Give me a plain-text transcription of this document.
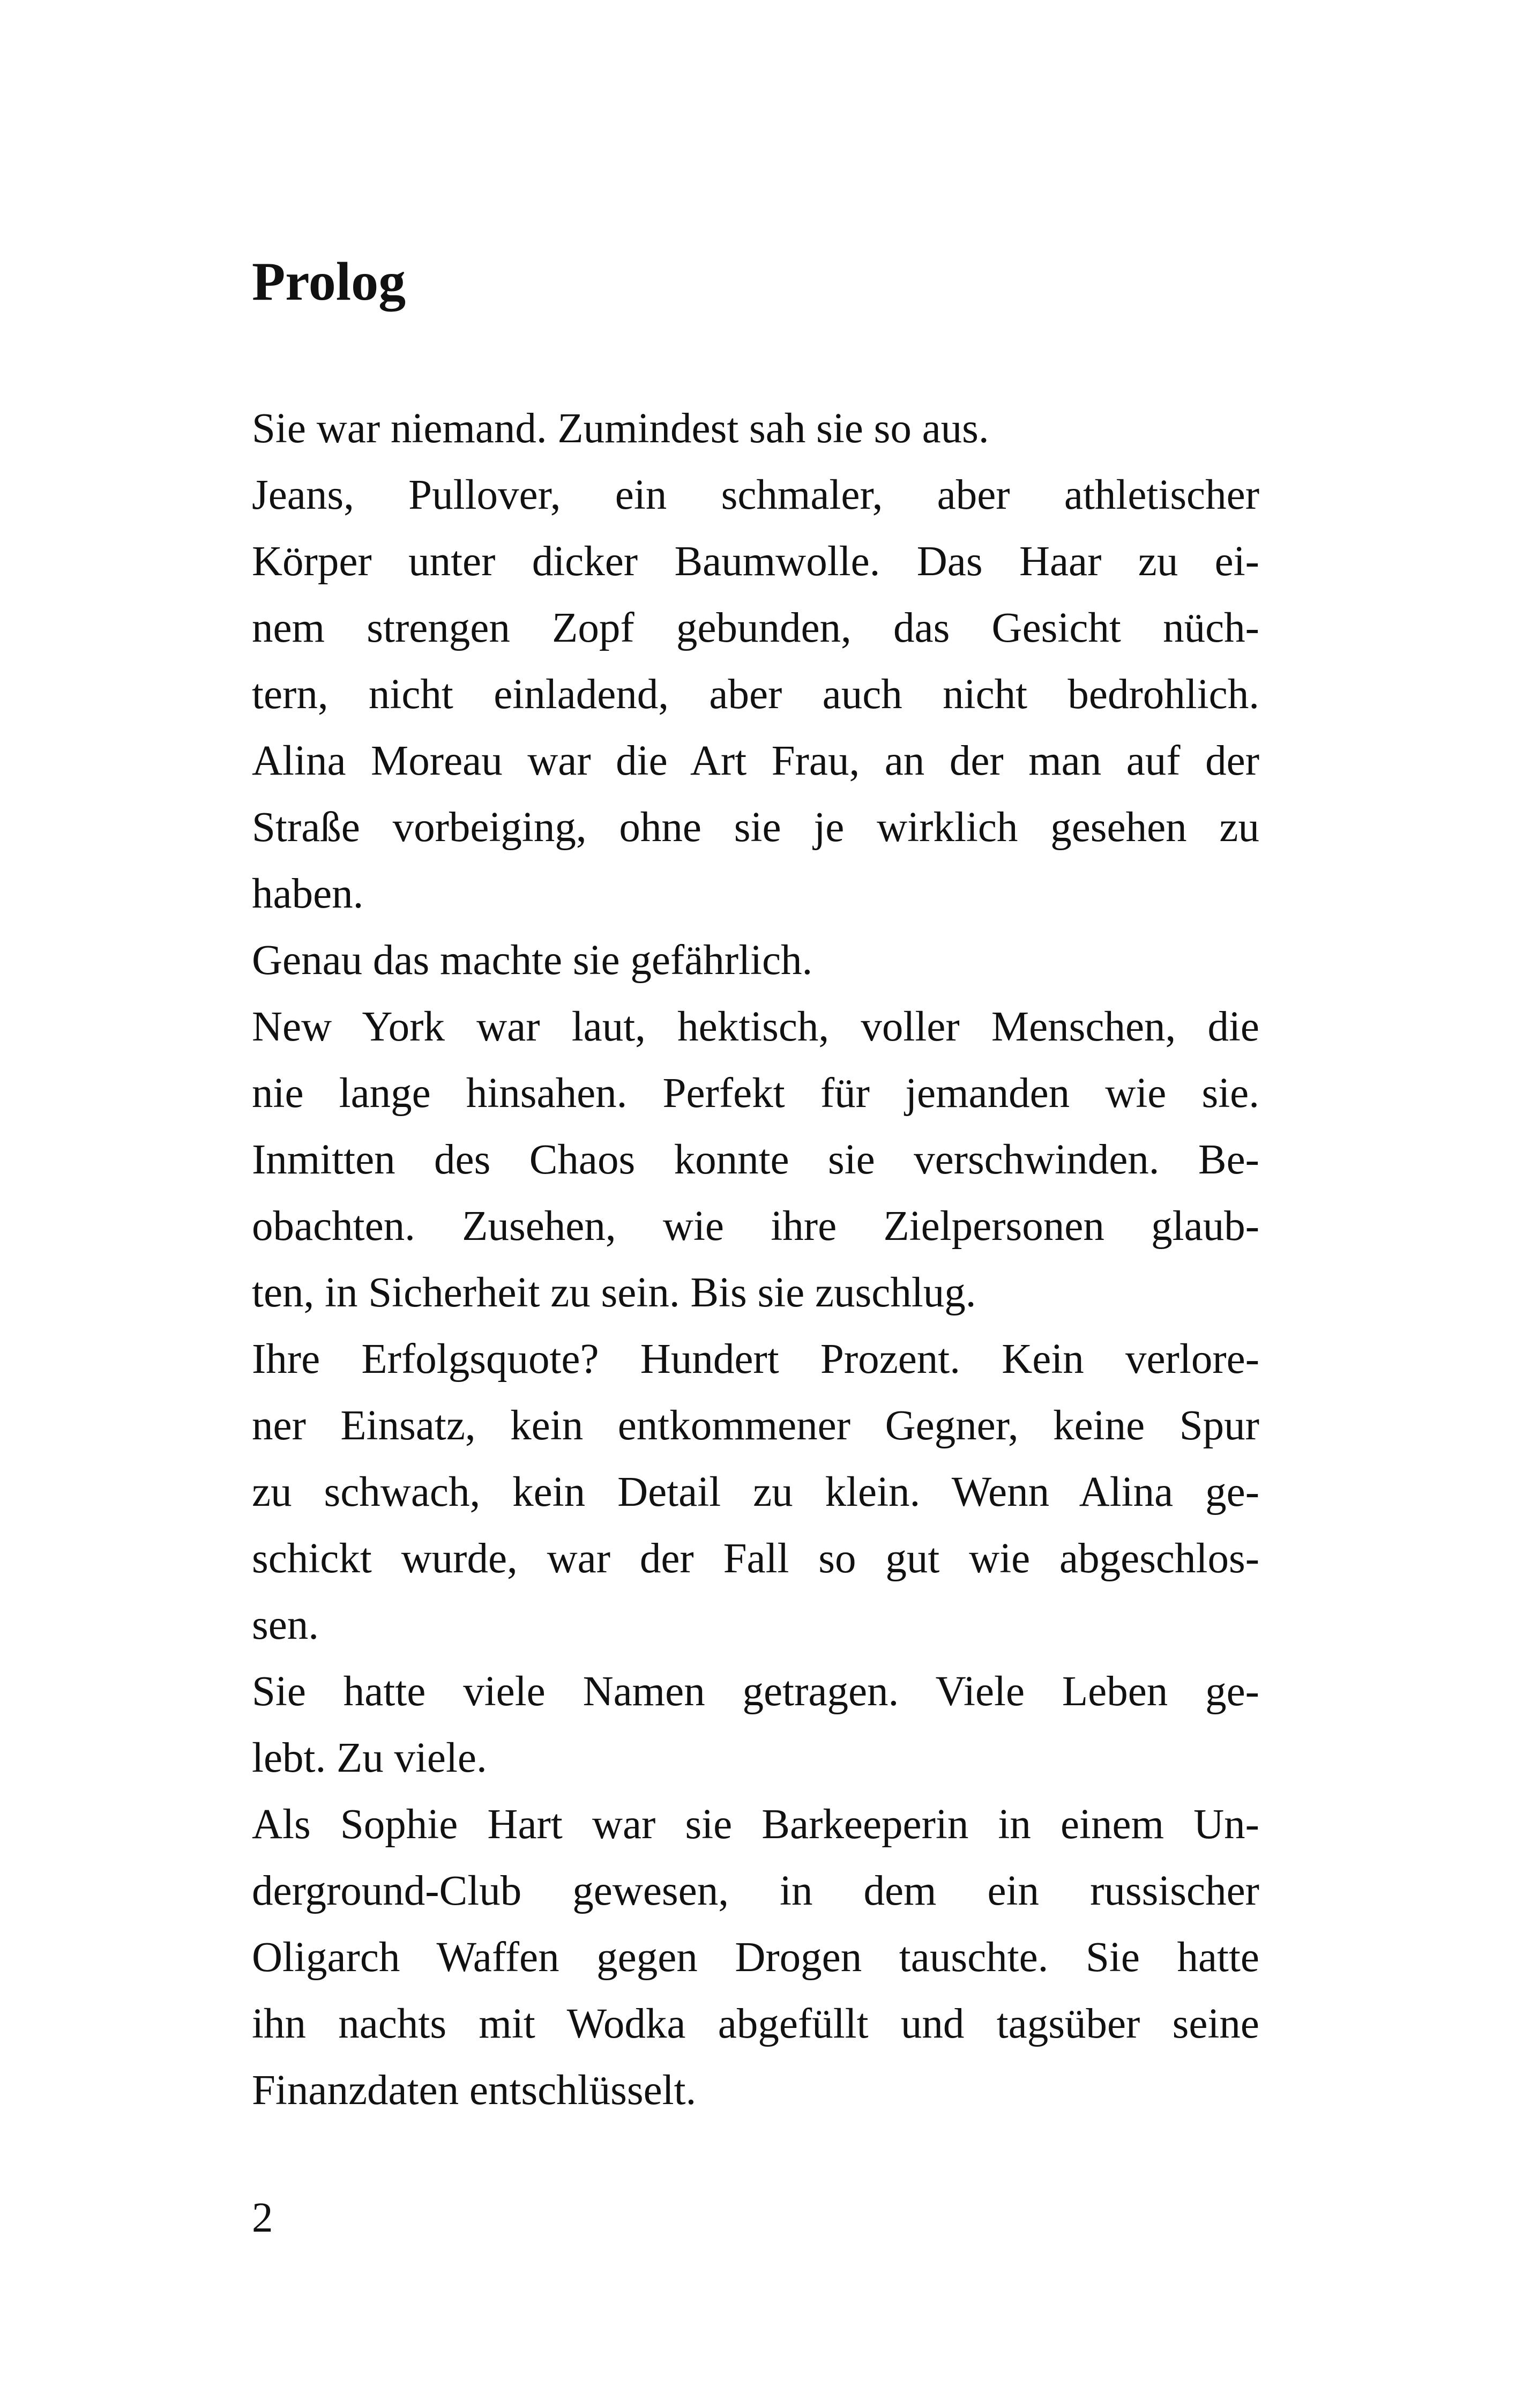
Prolog
Sie war niemand. Zumindest sah sie so aus.
Jeans, Pullover, ein schmaler, aber athletischer
Körper unter dicker Baumwolle. Das Haar zu ei-
nem strengen Zopf gebunden, das Gesicht nüch-
tern, nicht einladend, aber auch nicht bedrohlich.
Alina Moreau war die Art Frau, an der man auf der
Straße vorbeiging, ohne sie je wirklich gesehen zu
haben.
Genau das machte sie gefährlich.
New York war laut, hektisch, voller Menschen, die
nie lange hinsahen. Perfekt für jemanden wie sie.
Inmitten des Chaos konnte sie verschwinden. Be-
obachten. Zusehen, wie ihre Zielpersonen glaub-
ten, in Sicherheit zu sein. Bis sie zuschlug.
Ihre Erfolgsquote? Hundert Prozent. Kein verlore-
ner Einsatz, kein entkommener Gegner, keine Spur
zu schwach, kein Detail zu klein. Wenn Alina ge-
schickt wurde, war der Fall so gut wie abgeschlos-
sen.
Sie hatte viele Namen getragen. Viele Leben ge-
lebt. Zu viele.
Als Sophie Hart war sie Barkeeperin in einem Un-
derground-Club gewesen, in dem ein russischer
Oligarch Waffen gegen Drogen tauschte. Sie hatte
ihn nachts mit Wodka abgefüllt und tagsüber seine
Finanzdaten entschlüsselt.
2
